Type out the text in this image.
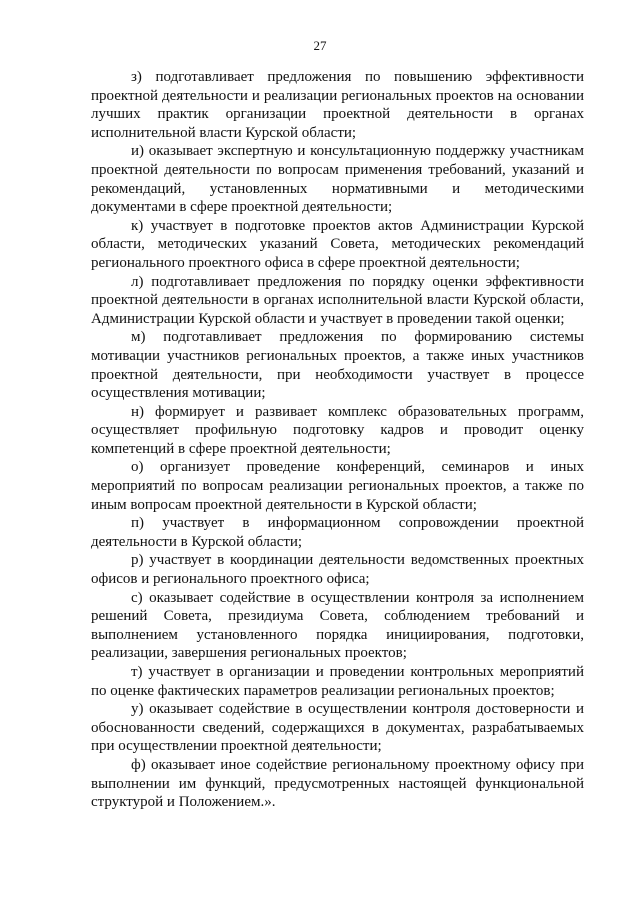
27

з) подготавливает предложения по повышению эффективности проектной деятельности и реализации региональных проектов на основании лучших практик организации проектной деятельности в органах исполнительной власти Курской области;

и) оказывает экспертную и консультационную поддержку участникам проектной деятельности по вопросам применения требований, указаний и рекомендаций, установленных нормативными и методическими документами в сфере проектной деятельности;

к) участвует в подготовке проектов актов Администрации Курской области, методических указаний Совета, методических рекомендаций регионального проектного офиса в сфере проектной деятельности;

л) подготавливает предложения по порядку оценки эффективности проектной деятельности в органах исполнительной власти Курской области, Администрации Курской области и участвует в проведении такой оценки;

м) подготавливает предложения по формированию системы мотивации участников региональных проектов, а также иных участников проектной деятельности, при необходимости участвует в процессе осуществления мотивации;

н) формирует и развивает комплекс образовательных программ, осуществляет профильную подготовку кадров и проводит оценку компетенций в сфере проектной деятельности;

о) организует проведение конференций, семинаров и иных мероприятий по вопросам реализации региональных проектов, а также по иным вопросам проектной деятельности в Курской области;

п) участвует в информационном сопровождении проектной деятельности в Курской области;

р) участвует в координации деятельности ведомственных проектных офисов и регионального проектного офиса;

с) оказывает содействие в осуществлении контроля за исполнением решений Совета, президиума Совета, соблюдением требований и выполнением установленного порядка инициирования, подготовки, реализации, завершения региональных проектов;

т) участвует в организации и проведении контрольных мероприятий по оценке фактических параметров реализации региональных проектов;

у) оказывает содействие в осуществлении контроля достоверности и обоснованности сведений, содержащихся в документах, разрабатываемых при осуществлении проектной деятельности;

ф) оказывает иное содействие региональному проектному офису при выполнении им функций, предусмотренных настоящей функциональной структурой и Положением.».
